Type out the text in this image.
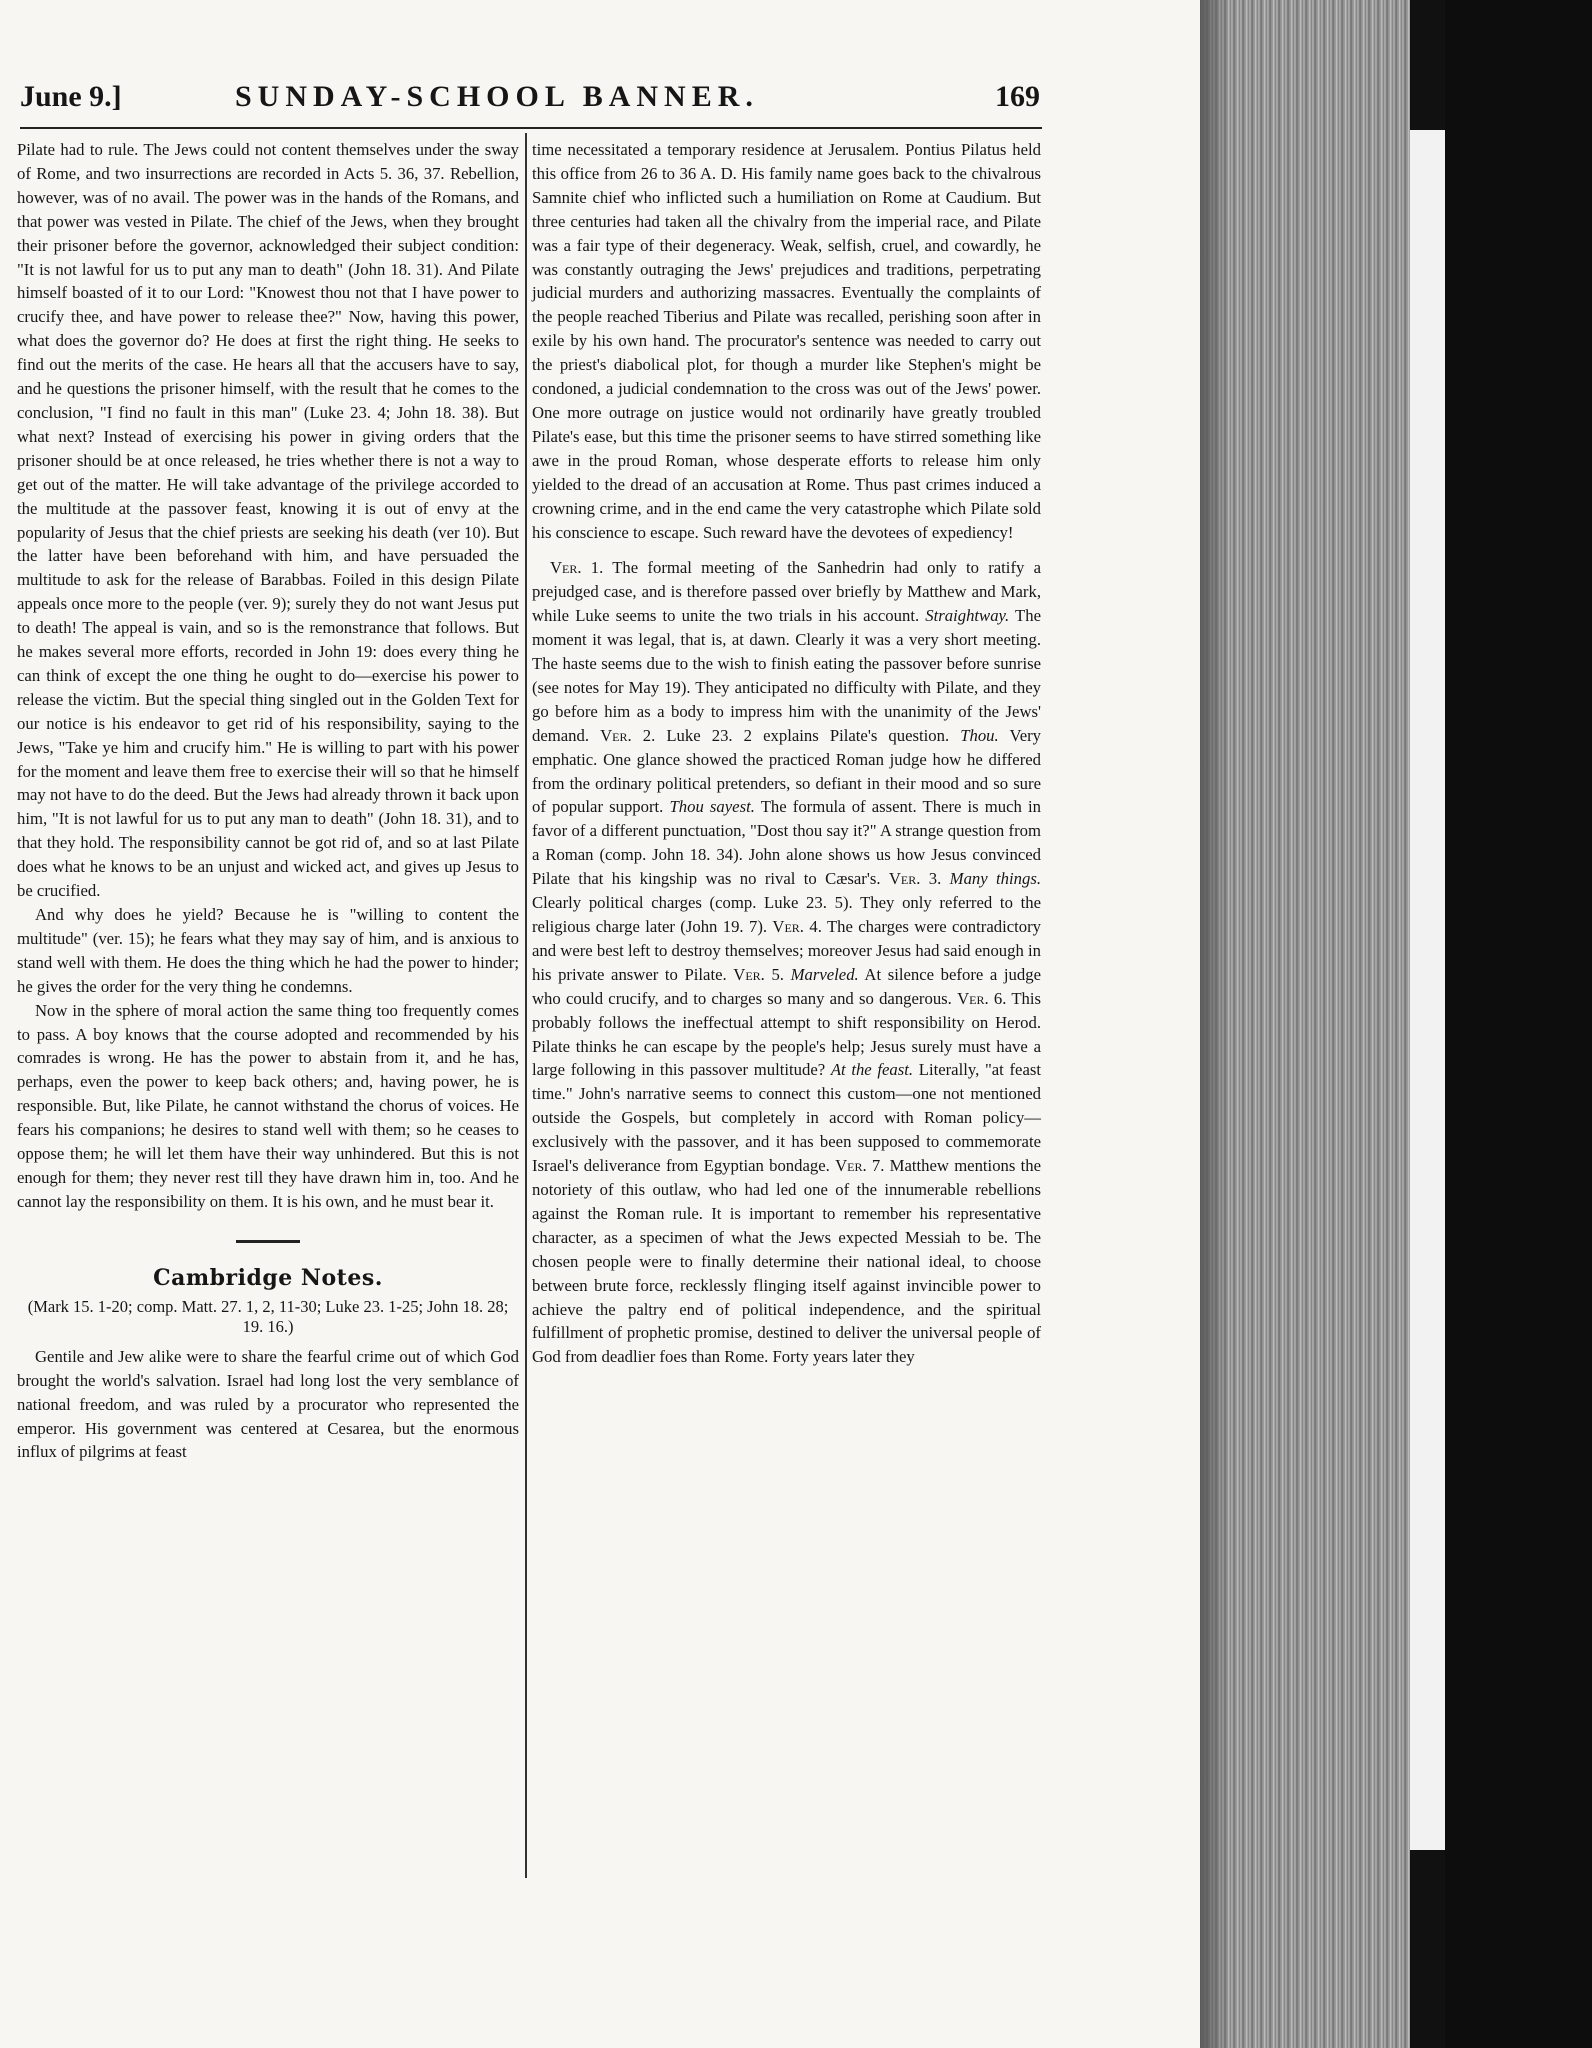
June 9.]	SUNDAY-SCHOOL BANNER.	169

Pilate had to rule. The Jews could not content themselves under the sway of Rome, and two insurrections are recorded in Acts 5. 36, 37. Rebellion, however, was of no avail. The power was in the hands of the Romans, and that power was vested in Pilate. The chief of the Jews, when they brought their prisoner before the governor, acknowledged their subject condition: "It is not lawful for us to put any man to death" (John 18. 31). And Pilate himself boasted of it to our Lord: "Knowest thou not that I have power to crucify thee, and have power to release thee?" Now, having this power, what does the governor do? He does at first the right thing. He seeks to find out the merits of the case. He hears all that the accusers have to say, and he questions the prisoner himself, with the result that he comes to the conclusion, "I find no fault in this man" (Luke 23. 4; John 18. 38). But what next? Instead of exercising his power in giving orders that the prisoner should be at once released, he tries whether there is not a way to get out of the matter. He will take advantage of the privilege accorded to the multitude at the passover feast, knowing it is out of envy at the popularity of Jesus that the chief priests are seeking his death (ver 10). But the latter have been beforehand with him, and have persuaded the multitude to ask for the release of Barabbas. Foiled in this design Pilate appeals once more to the people (ver. 9); surely they do not want Jesus put to death! The appeal is vain, and so is the remonstrance that follows. But he makes several more efforts, recorded in John 19: does every thing he can think of except the one thing he ought to do—exercise his power to release the victim. But the special thing singled out in the Golden Text for our notice is his endeavor to get rid of his responsibility, saying to the Jews, "Take ye him and crucify him." He is willing to part with his power for the moment and leave them free to exercise their will so that he himself may not have to do the deed. But the Jews had already thrown it back upon him, "It is not lawful for us to put any man to death" (John 18. 31), and to that they hold. The responsibility cannot be got rid of, and so at last Pilate does what he knows to be an unjust and wicked act, and gives up Jesus to be crucified.

And why does he yield? Because he is "willing to content the multitude" (ver. 15); he fears what they may say of him, and is anxious to stand well with them. He does the thing which he had the power to hinder; he gives the order for the very thing he condemns.

Now in the sphere of moral action the same thing too frequently comes to pass. A boy knows that the course adopted and recommended by his comrades is wrong. He has the power to abstain from it, and he has, perhaps, even the power to keep back others; and, having power, he is responsible. But, like Pilate, he cannot withstand the chorus of voices. He fears his companions; he desires to stand well with them; so he ceases to oppose them; he will let them have their way unhindered. But this is not enough for them; they never rest till they have drawn him in, too. And he cannot lay the responsibility on them. It is his own, and he must bear it.

Cambridge Notes.

(Mark 15. 1-20; comp. Matt. 27. 1, 2, 11-30; Luke 23. 1-25; John 18. 28; 19. 16.)

Gentile and Jew alike were to share the fearful crime out of which God brought the world's salvation. Israel had long lost the very semblance of national freedom, and was ruled by a procurator who represented the emperor. His government was centered at Cesarea, but the enormous influx of pilgrims at feast

time necessitated a temporary residence at Jerusalem. Pontius Pilatus held this office from 26 to 36 A. D. His family name goes back to the chivalrous Samnite chief who inflicted such a humiliation on Rome at Caudium. But three centuries had taken all the chivalry from the imperial race, and Pilate was a fair type of their degeneracy. Weak, selfish, cruel, and cowardly, he was constantly outraging the Jews' prejudices and traditions, perpetrating judicial murders and authorizing massacres. Eventually the complaints of the people reached Tiberius and Pilate was recalled, perishing soon after in exile by his own hand. The procurator's sentence was needed to carry out the priest's diabolical plot, for though a murder like Stephen's might be condoned, a judicial condemnation to the cross was out of the Jews' power. One more outrage on justice would not ordinarily have greatly troubled Pilate's ease, but this time the prisoner seems to have stirred something like awe in the proud Roman, whose desperate efforts to release him only yielded to the dread of an accusation at Rome. Thus past crimes induced a crowning crime, and in the end came the very catastrophe which Pilate sold his conscience to escape. Such reward have the devotees of expediency!

Ver. 1. The formal meeting of the Sanhedrin had only to ratify a prejudged case, and is therefore passed over briefly by Matthew and Mark, while Luke seems to unite the two trials in his account. Straightway. The moment it was legal, that is, at dawn. Clearly it was a very short meeting. The haste seems due to the wish to finish eating the passover before sunrise (see notes for May 19). They anticipated no difficulty with Pilate, and they go before him as a body to impress him with the unanimity of the Jews' demand. Ver. 2. Luke 23. 2 explains Pilate's question. Thou. Very emphatic. One glance showed the practiced Roman judge how he differed from the ordinary political pretenders, so defiant in their mood and so sure of popular support. Thou sayest. The formula of assent. There is much in favor of a different punctuation, "Dost thou say it?" A strange question from a Roman (comp. John 18. 34). John alone shows us how Jesus convinced Pilate that his kingship was no rival to Cæsar's. Ver. 3. Many things. Clearly political charges (comp. Luke 23. 5). They only referred to the religious charge later (John 19. 7). Ver. 4. The charges were contradictory and were best left to destroy themselves; moreover Jesus had said enough in his private answer to Pilate. Ver. 5. Marveled. At silence before a judge who could crucify, and to charges so many and so dangerous. Ver. 6. This probably follows the ineffectual attempt to shift responsibility on Herod. Pilate thinks he can escape by the people's help; Jesus surely must have a large following in this passover multitude? At the feast. Literally, "at feast time." John's narrative seems to connect this custom—one not mentioned outside the Gospels, but completely in accord with Roman policy—exclusively with the passover, and it has been supposed to commemorate Israel's deliverance from Egyptian bondage. Ver. 7. Matthew mentions the notoriety of this outlaw, who had led one of the innumerable rebellions against the Roman rule. It is important to remember his representative character, as a specimen of what the Jews expected Messiah to be. The chosen people were to finally determine their national ideal, to choose between brute force, recklessly flinging itself against invincible power to achieve the paltry end of political independence, and the spiritual fulfillment of prophetic promise, destined to deliver the universal people of God from deadlier foes than Rome. Forty years later they
